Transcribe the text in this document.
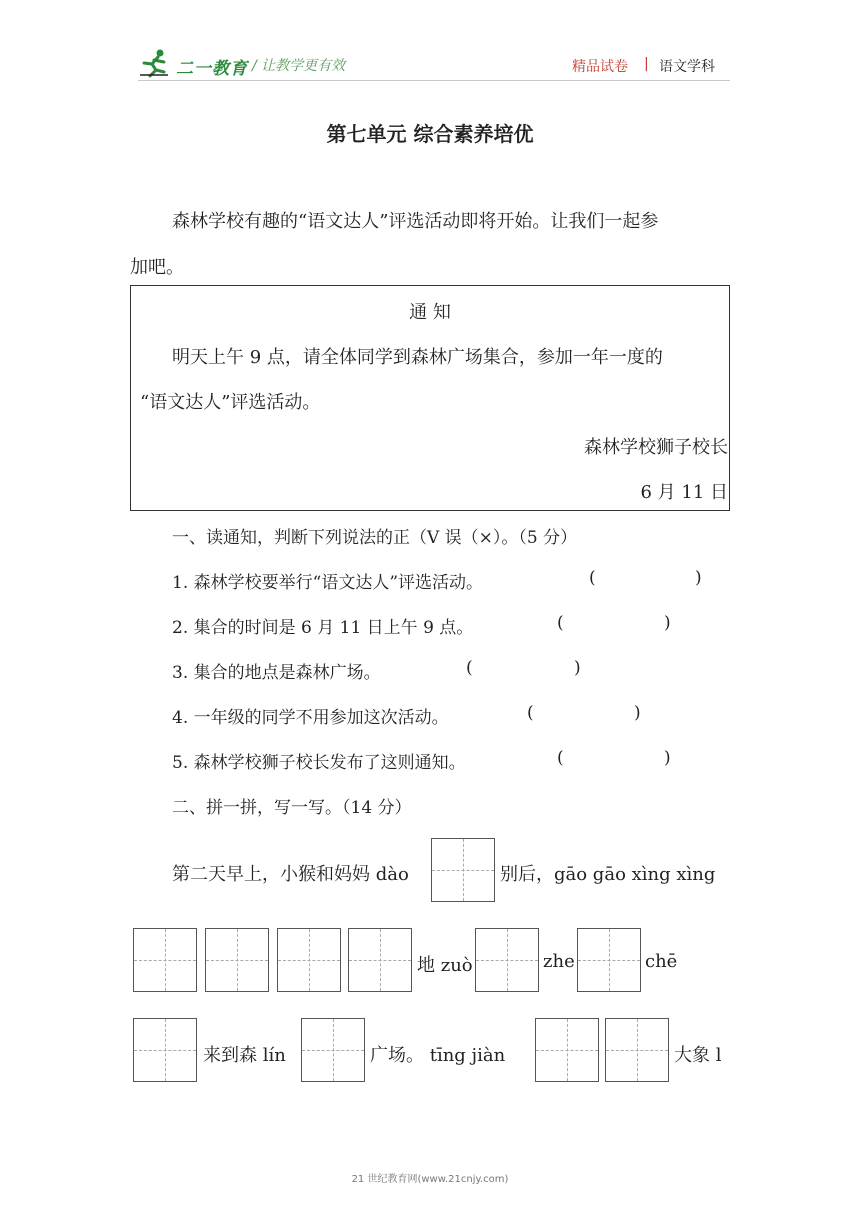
二一教育 / 让教学更有效	精品试卷 | 语文学科
第七单元 综合素养培优
森林学校有趣的“语文达人”评选活动即将开始。让我们一起参
加吧。
通 知
明天上午 9 点，请全体同学到森林广场集合，参加一年一度的
“语文达人”评选活动。
森林学校狮子校长
6 月 11 日
一、读通知，判断下列说法的正（V 误（×）。（5 分）
1. 森林学校要举行“语文达人”评选活动。	(	)
2. 集合的时间是 6 月 11 日上午 9 点。	(	)
3. 集合的地点是森林广场。	(	)
4. 一年级的同学不用参加这次活动。	(	)
5. 森林学校狮子校长发布了这则通知。	(	)
二、拼一拼，写一写。（14 分）
第二天早上，小猴和妈妈 dào	别后，gāo gāo xìng xìng
地 zuò	zhe	chē
来到森 lín	广场。 tīng jiàn	大象 l
21 世纪教育网(www.21cnjy.com)
